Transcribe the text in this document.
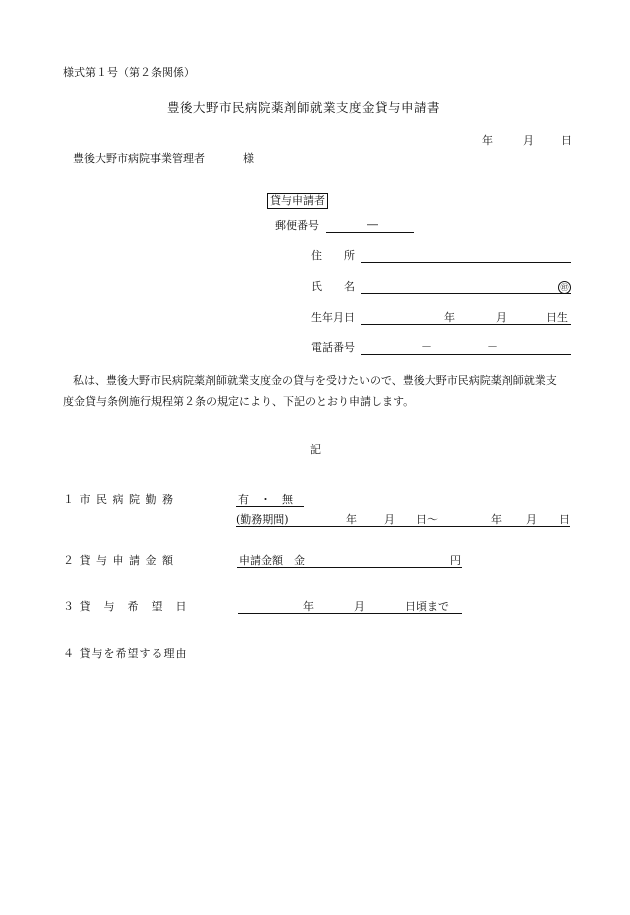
様式第１号（第２条関係）
豊後大野市民病院薬剤師就業支度金貸与申請書
年	月 日
豊後大野市病院事業管理者	様
貸与申請者
郵便番号	―
住　　所
氏　　名	㊞
生年月日	年	月	日生
電話番号	－	－
私は、豊後大野市民病院薬剤師就業支度金の貸与を受けたいので、豊後大野市民病院薬剤師就業支
度金貸与条例施行規程第２条の規定により、下記のとおり申請します。
記
１ 市 民 病 院 勤 務	有　・　無
(勤務期間)	年 月 日～	年 月 日
２ 貸 与 申 請 金 額	申請金額　金	円
３ 貸　与　希　望　日	年	月	日頃まで
４ 貸与を希望する理由
